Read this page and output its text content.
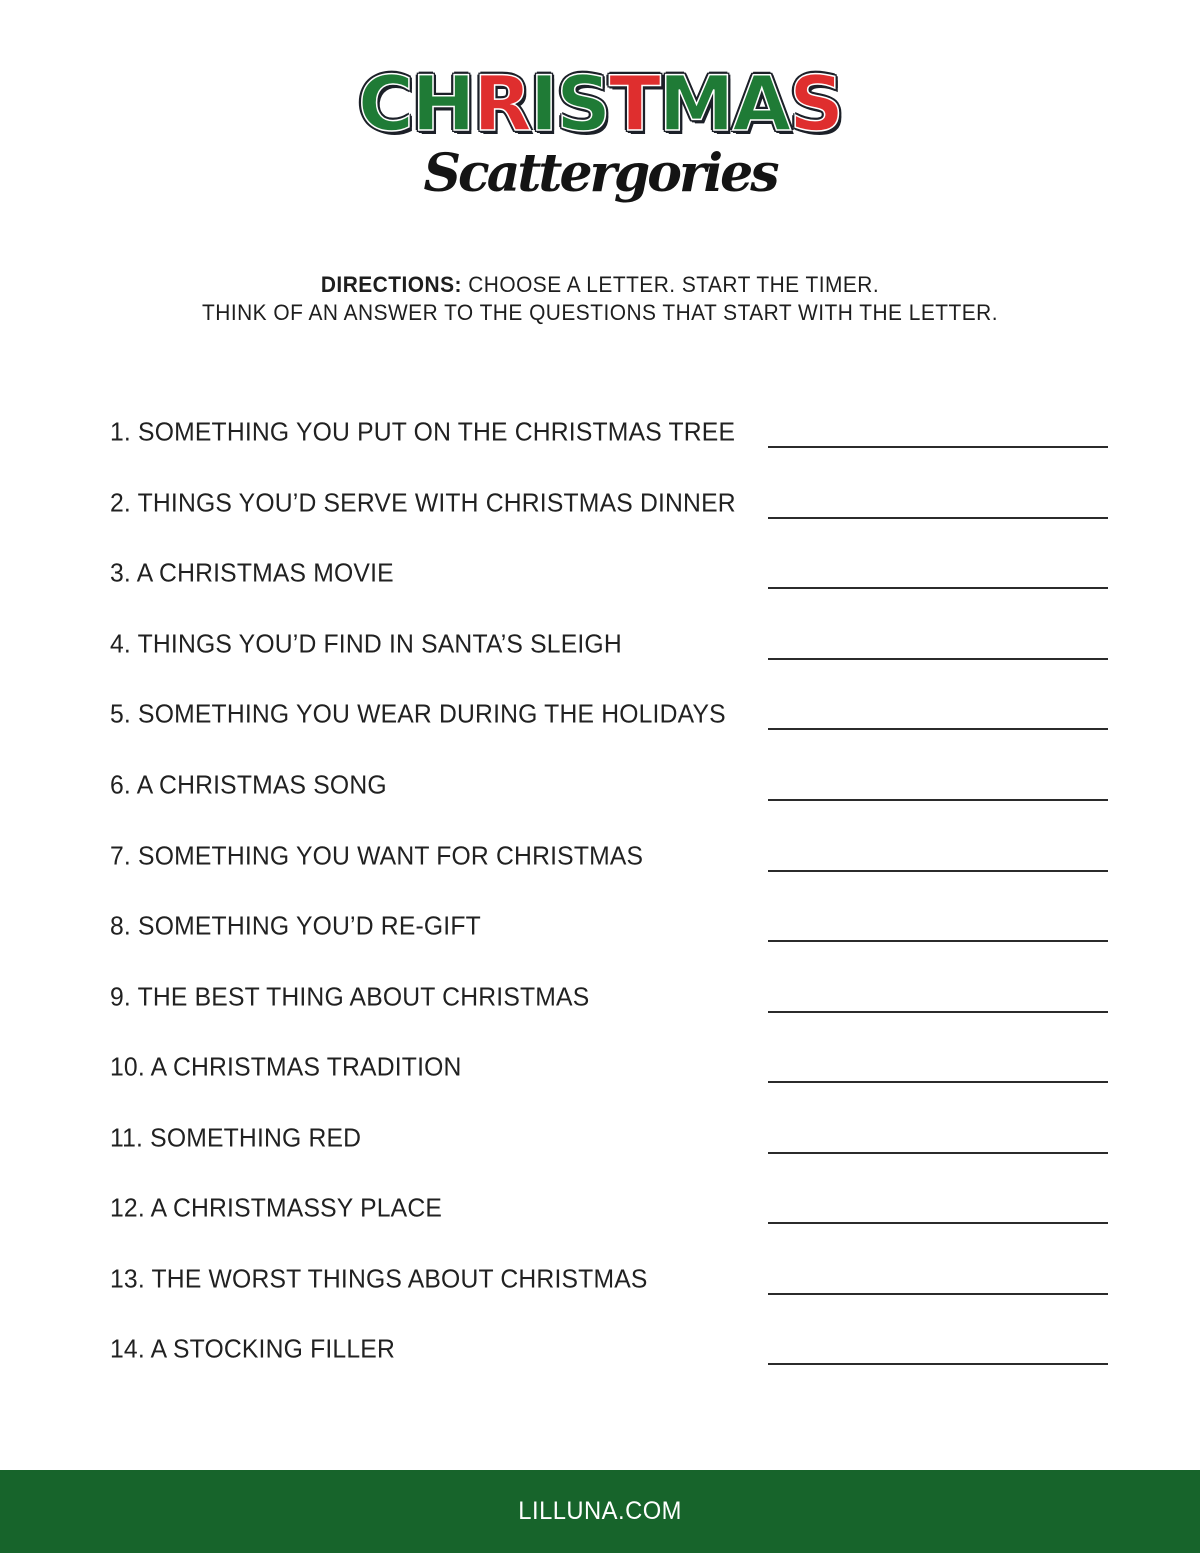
CHRISTMAS
Scattergories
DIRECTIONS: CHOOSE A LETTER. START THE TIMER.
THINK OF AN ANSWER TO THE QUESTIONS THAT START WITH THE LETTER.
1. SOMETHING YOU PUT ON THE CHRISTMAS TREE
2. THINGS YOU’D SERVE WITH CHRISTMAS DINNER
3. A CHRISTMAS MOVIE
4. THINGS YOU’D FIND IN SANTA’S SLEIGH
5. SOMETHING YOU WEAR DURING THE HOLIDAYS
6. A CHRISTMAS SONG
7. SOMETHING YOU WANT FOR CHRISTMAS
8. SOMETHING YOU’D RE-GIFT
9. THE BEST THING ABOUT CHRISTMAS
10. A CHRISTMAS TRADITION
11. SOMETHING RED
12. A CHRISTMASSY PLACE
13. THE WORST THINGS ABOUT CHRISTMAS
14. A STOCKING FILLER
LILLUNA.COM
